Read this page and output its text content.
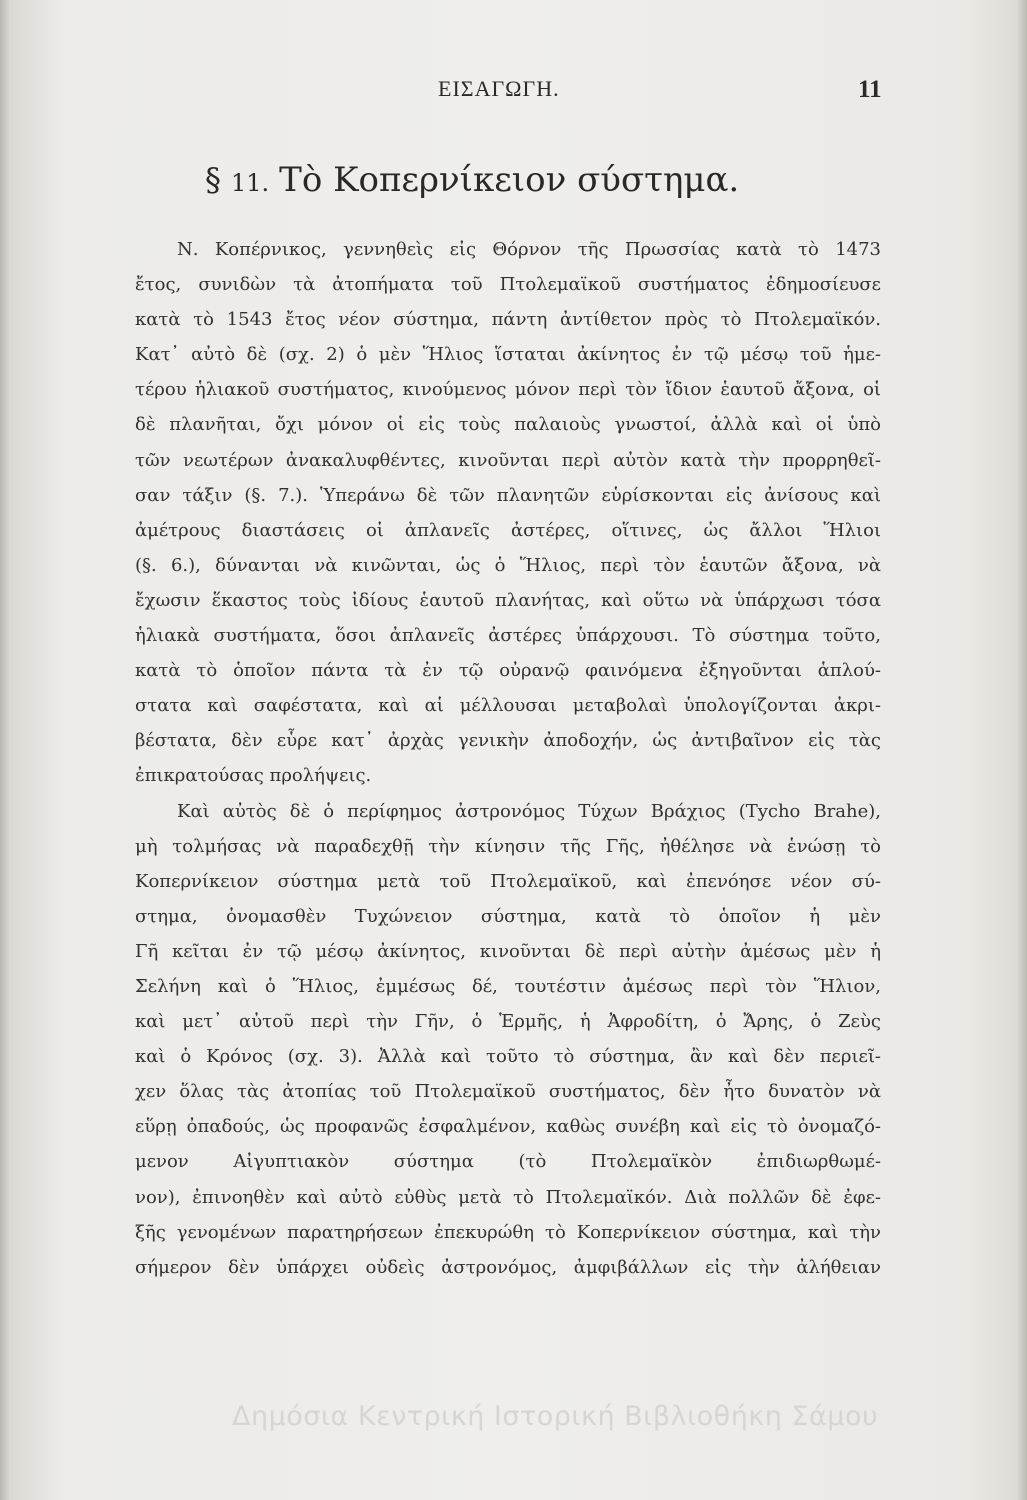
ΕΙΣΑΓΩΓΗ.	11
§ 11. Τὸ Κοπερνίκειον σύστημα.
Ν. Κοπέρνικος, γεννηθεὶς εἰς Θόρνον τῆς Πρωσσίας κατὰ τὸ 1473
ἔτος, συνιδὼν τὰ ἀτοπήματα τοῦ Πτολεμαϊκοῦ συστήματος ἐδημοσίευσε
κατὰ τὸ 1543 ἔτος νέον σύστημα, πάντη ἀντίθετον πρὸς τὸ Πτολεμαϊκόν.
Κατ᾽ αὐτὸ δὲ (σχ. 2) ὁ μὲν Ἥλιος ἵσταται ἀκίνητος ἐν τῷ μέσῳ τοῦ ἡμε-
τέρου ἡλιακοῦ συστήματος, κινούμενος μόνον περὶ τὸν ἴδιον ἑαυτοῦ ἄξονα, οἱ
δὲ πλανῆται, ὄχι μόνον οἱ εἰς τοὺς παλαιοὺς γνωστοί, ἀλλὰ καὶ οἱ ὑπὸ
τῶν νεωτέρων ἀνακαλυφθέντες, κινοῦνται περὶ αὐτὸν κατὰ τὴν προρρηθεῖ-
σαν τάξιν (§. 7.). Ὑπεράνω δὲ τῶν πλανητῶν εὑρίσκονται εἰς ἀνίσους καὶ
ἀμέτρους διαστάσεις οἱ ἀπλανεῖς ἀστέρες, οἵτινες, ὡς ἄλλοι Ἥλιοι
(§. 6.), δύνανται νὰ κινῶνται, ὡς ὁ Ἥλιος, περὶ τὸν ἑαυτῶν ἄξονα, νὰ
ἔχωσιν ἕκαστος τοὺς ἰδίους ἑαυτοῦ πλανήτας, καὶ οὕτω νὰ ὑπάρχωσι τόσα
ἡλιακὰ συστήματα, ὅσοι ἀπλανεῖς ἀστέρες ὑπάρχουσι. Τὸ σύστημα τοῦτο,
κατὰ τὸ ὁποῖον πάντα τὰ ἐν τῷ οὐρανῷ φαινόμενα ἐξηγοῦνται ἁπλού-
στατα καὶ σαφέστατα, καὶ αἱ μέλλουσαι μεταβολαὶ ὑπολογίζονται ἀκρι-
βέστατα, δὲν εὗρε κατ᾽ ἀρχὰς γενικὴν ἀποδοχήν, ὡς ἀντιβαῖνον εἰς τὰς
ἐπικρατούσας προλήψεις.
Καὶ αὐτὸς δὲ ὁ περίφημος ἀστρονόμος Τύχων Βράχιος (Tycho Brahe),
μὴ τολμήσας νὰ παραδεχθῇ τὴν κίνησιν τῆς Γῆς, ἠθέλησε νὰ ἑνώσῃ τὸ
Κοπερνίκειον σύστημα μετὰ τοῦ Πτολεμαϊκοῦ, καὶ ἐπενόησε νέον σύ-
στημα, ὀνομασθὲν Τυχώνειον σύστημα, κατὰ τὸ ὁποῖον ἡ μὲν
Γῆ κεῖται ἐν τῷ μέσῳ ἀκίνητος, κινοῦνται δὲ περὶ αὐτὴν ἀμέσως μὲν ἡ
Σελήνη καὶ ὁ Ἥλιος, ἐμμέσως δέ, τουτέστιν ἀμέσως περὶ τὸν Ἥλιον,
καὶ μετ᾽ αὐτοῦ περὶ τὴν Γῆν, ὁ Ἑρμῆς, ἡ Ἀφροδίτη, ὁ Ἄρης, ὁ Ζεὺς
καὶ ὁ Κρόνος (σχ. 3). Ἀλλὰ καὶ τοῦτο τὸ σύστημα, ἂν καὶ δὲν περιεῖ-
χεν ὅλας τὰς ἀτοπίας τοῦ Πτολεμαϊκοῦ συστήματος, δὲν ἦτο δυνατὸν νὰ
εὕρῃ ὀπαδούς, ὡς προφανῶς ἐσφαλμένον, καθὼς συνέβη καὶ εἰς τὸ ὀνομαζό-
μενον Αἰγυπτιακὸν σύστημα (τὸ Πτολεμαϊκὸν ἐπιδιωρθωμέ-
νον), ἐπινοηθὲν καὶ αὐτὸ εὐθὺς μετὰ τὸ Πτολεμαϊκόν. Διὰ πολλῶν δὲ ἐφε-
ξῆς γενομένων παρατηρήσεων ἐπεκυρώθη τὸ Κοπερνίκειον σύστημα, καὶ τὴν
σήμερον δὲν ὑπάρχει οὐδεὶς ἀστρονόμος, ἀμφιβάλλων εἰς τὴν ἀλήθειαν
Δημόσια Κεντρική Ιστορική Βιβλιοθήκη Σάμου
